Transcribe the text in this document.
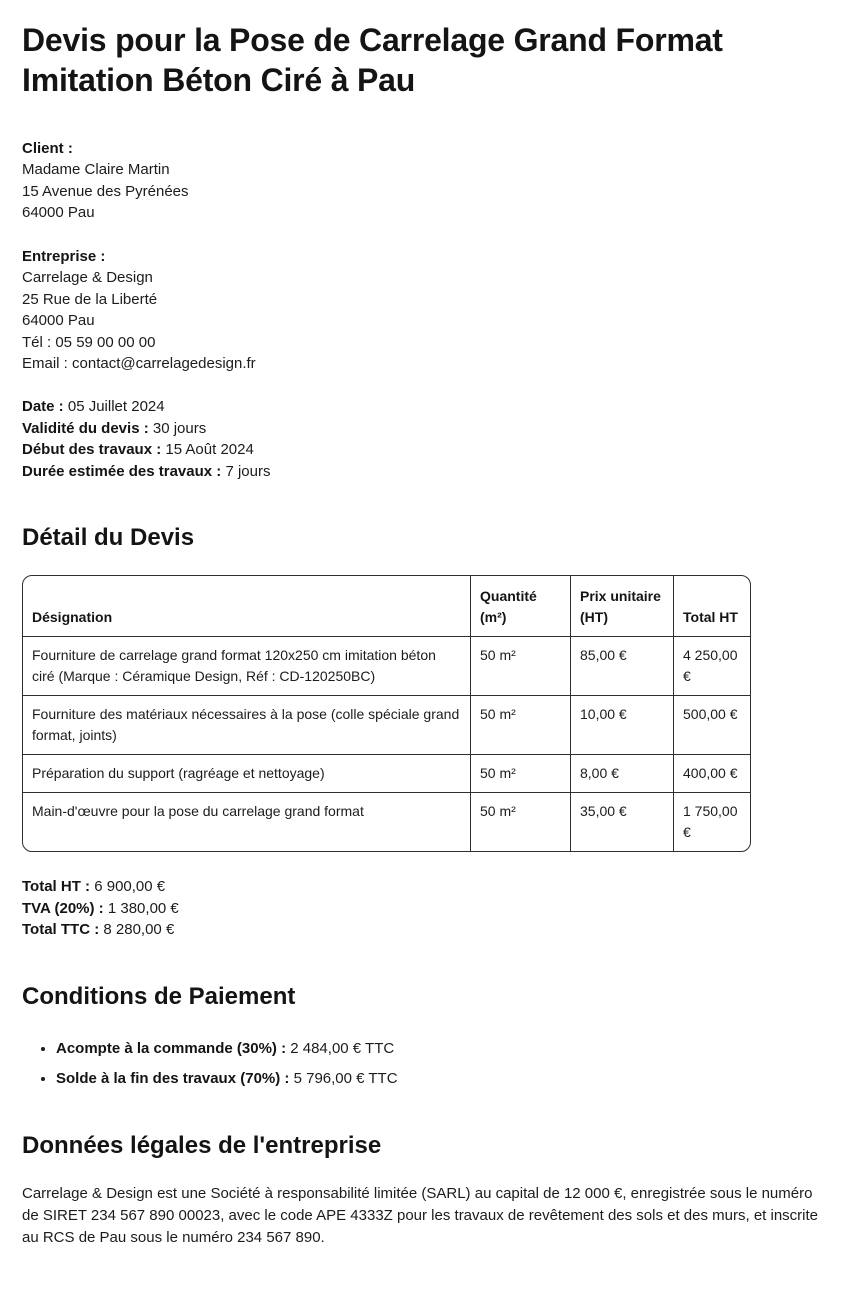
Devis pour la Pose de Carrelage Grand Format Imitation Béton Ciré à Pau
Client :
Madame Claire Martin
15 Avenue des Pyrénées
64000 Pau
Entreprise :
Carrelage & Design
25 Rue de la Liberté
64000 Pau
Tél : 05 59 00 00 00
Email : contact@carrelagedesign.fr
Date : 05 Juillet 2024
Validité du devis : 30 jours
Début des travaux : 15 Août 2024
Durée estimée des travaux : 7 jours
Détail du Devis
Désignation	Quantité (m²)	Prix unitaire (HT)	Total HT
Fourniture de carrelage grand format 120x250 cm imitation béton ciré (Marque : Céramique Design, Réf : CD-120250BC)	50 m²	85,00 €	4 250,00 €
Fourniture des matériaux nécessaires à la pose (colle spéciale grand format, joints)	50 m²	10,00 €	500,00 €
Préparation du support (ragréage et nettoyage)	50 m²	8,00 €	400,00 €
Main-d'œuvre pour la pose du carrelage grand format	50 m²	35,00 €	1 750,00 €
Total HT : 6 900,00 €
TVA (20%) : 1 380,00 €
Total TTC : 8 280,00 €
Conditions de Paiement
• Acompte à la commande (30%) : 2 484,00 € TTC
• Solde à la fin des travaux (70%) : 5 796,00 € TTC
Données légales de l'entreprise

Carrelage & Design est une Société à responsabilité limitée (SARL) au capital de 12 000 €, enregistrée sous le numéro de SIRET 234 567 890 00023, avec le code APE 4333Z pour les travaux de revêtement des sols et des murs, et inscrite au RCS de Pau sous le numéro 234 567 890.
